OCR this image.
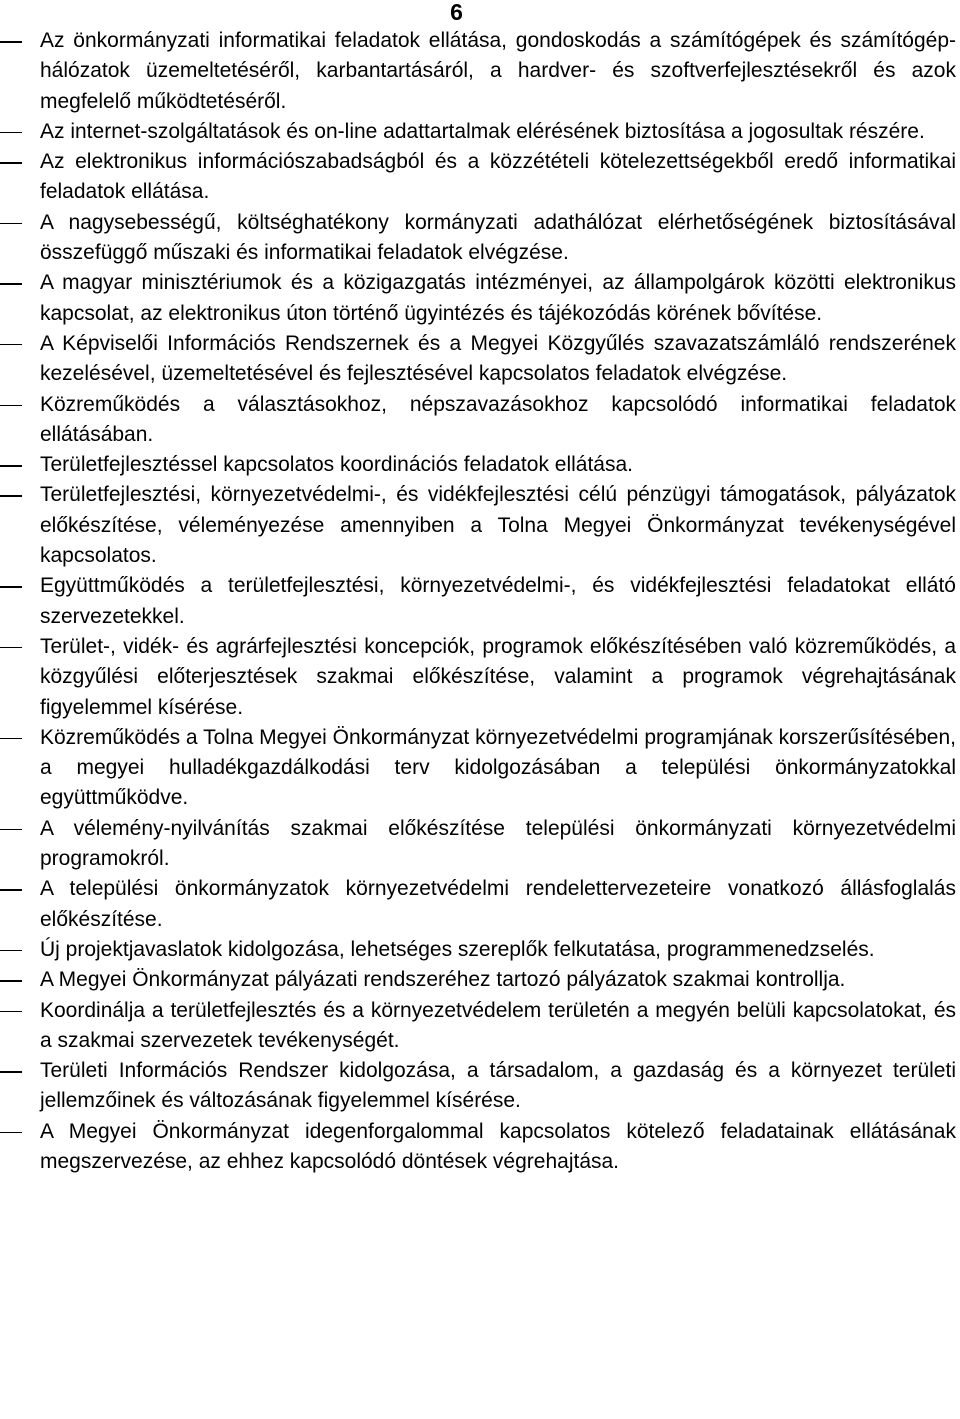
6
Az önkormányzati informatikai feladatok ellátása, gondoskodás a számítógépek és számítógép-hálózatok üzemeltetéséről, karbantartásáról, a hardver- és szoftverfejlesztésekről és azok megfelelő működtetéséről.
Az internet-szolgáltatások és on-line adattartalmak elérésének biztosítása a jogosultak részére.
Az elektronikus információszabadságból és a közzétételi kötelezettségekből eredő informatikai feladatok ellátása.
A nagysebességű, költséghatékony kormányzati adathálózat elérhetőségének biztosításával összefüggő műszaki és informatikai feladatok elvégzése.
A magyar minisztériumok és a közigazgatás intézményei, az állampolgárok közötti elektronikus kapcsolat, az elektronikus úton történő ügyintézés és tájékozódás körének bővítése.
A Képviselői Információs Rendszernek és a Megyei Közgyűlés szavazatszámláló rendszerének kezelésével, üzemeltetésével és fejlesztésével kapcsolatos feladatok elvégzése.
Közreműködés a választásokhoz, népszavazásokhoz kapcsolódó informatikai feladatok ellátásában.
Területfejlesztéssel kapcsolatos koordinációs feladatok ellátása.
Területfejlesztési, környezetvédelmi-, és vidékfejlesztési célú pénzügyi támogatások, pályázatok előkészítése, véleményezése amennyiben a Tolna Megyei Önkormányzat tevékenységével kapcsolatos.
Együttműködés a területfejlesztési, környezetvédelmi-, és vidékfejlesztési feladatokat ellátó szervezetekkel.
Terület-, vidék- és agrárfejlesztési koncepciók, programok előkészítésében való közreműködés, a közgyűlési előterjesztések szakmai előkészítése, valamint a programok végrehajtásának figyelemmel kísérése.
Közreműködés a Tolna Megyei Önkormányzat környezetvédelmi programjának korszerűsítésében, a megyei hulladékgazdálkodási terv kidolgozásában a települési önkormányzatokkal együttműködve.
A vélemény-nyilvánítás szakmai előkészítése települési önkormányzati környezetvédelmi programokról.
A települési önkormányzatok környezetvédelmi rendelettervezeteire vonatkozó állásfoglalás előkészítése.
Új projektjavaslatok kidolgozása, lehetséges szereplők felkutatása, programmenedzselés.
A Megyei Önkormányzat pályázati rendszeréhez tartozó pályázatok szakmai kontrollja.
Koordinálja a területfejlesztés és a környezetvédelem területén a megyén belüli kapcsolatokat, és a szakmai szervezetek tevékenységét.
Területi Információs Rendszer kidolgozása, a társadalom, a gazdaság és a környezet területi jellemzőinek és változásának figyelemmel kísérése.
A Megyei Önkormányzat idegenforgalommal kapcsolatos kötelező feladatainak ellátásának megszervezése, az ehhez kapcsolódó döntések végrehajtása.
